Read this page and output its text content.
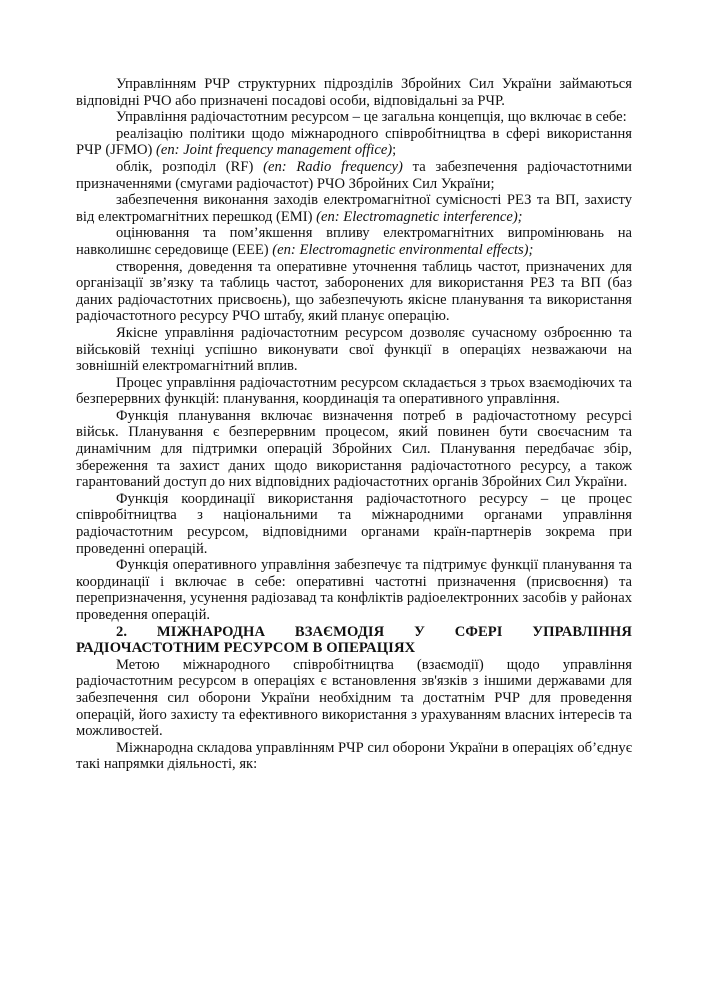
Управлінням РЧР структурних підрозділів Збройних Сил України займаються відповідні РЧО або призначені посадові особи, відповідальні за РЧР.

Управління радіочастотним ресурсом – це загальна концепція, що включає в себе:

реалізацію політики щодо міжнародного співробітництва в сфері використання РЧР (JFMO) (en: Joint frequency management office);

облік, розподіл (RF) (en: Radio frequency) та забезпечення радіочастотними призначеннями (смугами радіочастот) РЧО Збройних Сил України;

забезпечення виконання заходів електромагнітної сумісності РЕЗ та ВП, захисту від електромагнітних перешкод (EMI) (en: Electromagnetic interference);

оцінювання та пом’якшення впливу електромагнітних випромінювань на навколишнє середовище (EEE) (en: Electromagnetic environmental effects);

створення, доведення та оперативне уточнення таблиць частот, призначених для організації зв’язку та таблиць частот, заборонених для використання РЕЗ та ВП (баз даних радіочастотних присвоєнь), що забезпечують якісне планування та використання радіочастотного ресурсу РЧО штабу, який планує операцію.

Якісне управління радіочастотним ресурсом дозволяє сучасному озброєнню та військовій техніці успішно виконувати свої функції в операціях незважаючи на зовнішній електромагнітний вплив.

Процес управління радіочастотним ресурсом складається з трьох взаємодіючих та безперервних функцій: планування, координація та оперативного управління.

Функція планування включає визначення потреб в радіочастотному ресурсі військ. Планування є безперервним процесом, який повинен бути своєчасним та динамічним для підтримки операцій Збройних Сил. Планування передбачає збір, збереження та захист даних щодо використання радіочастотного ресурсу, а також гарантований доступ до них відповідних радіочастотних органів Збройних Сил України.

Функція координації використання радіочастотного ресурсу – це процес співробітництва з національними та міжнародними органами управління радіочастотним ресурсом, відповідними органами країн-партнерів зокрема при проведенні операцій.

Функція оперативного управління забезпечує та підтримує функції планування та координації і включає в себе: оперативні частотні призначення (присвоєння) та перепризначення, усунення радіозавад та конфліктів радіоелектронних засобів у районах проведення операцій.

2. МІЖНАРОДНА ВЗАЄМОДІЯ У СФЕРІ УПРАВЛІННЯ РАДІОЧАСТОТНИМ РЕСУРСОМ В ОПЕРАЦІЯХ

Метою міжнародного співробітництва (взаємодії) щодо управління радіочастотним ресурсом в операціях є встановлення зв'язків з іншими державами для забезпечення сил оборони України необхідним та достатнім РЧР для проведення операцій, його захисту та ефективного використання з урахуванням власних інтересів та можливостей.

Міжнародна складова управлінням РЧР сил оборони України в операціях об’єднує такі напрямки діяльності, як:
